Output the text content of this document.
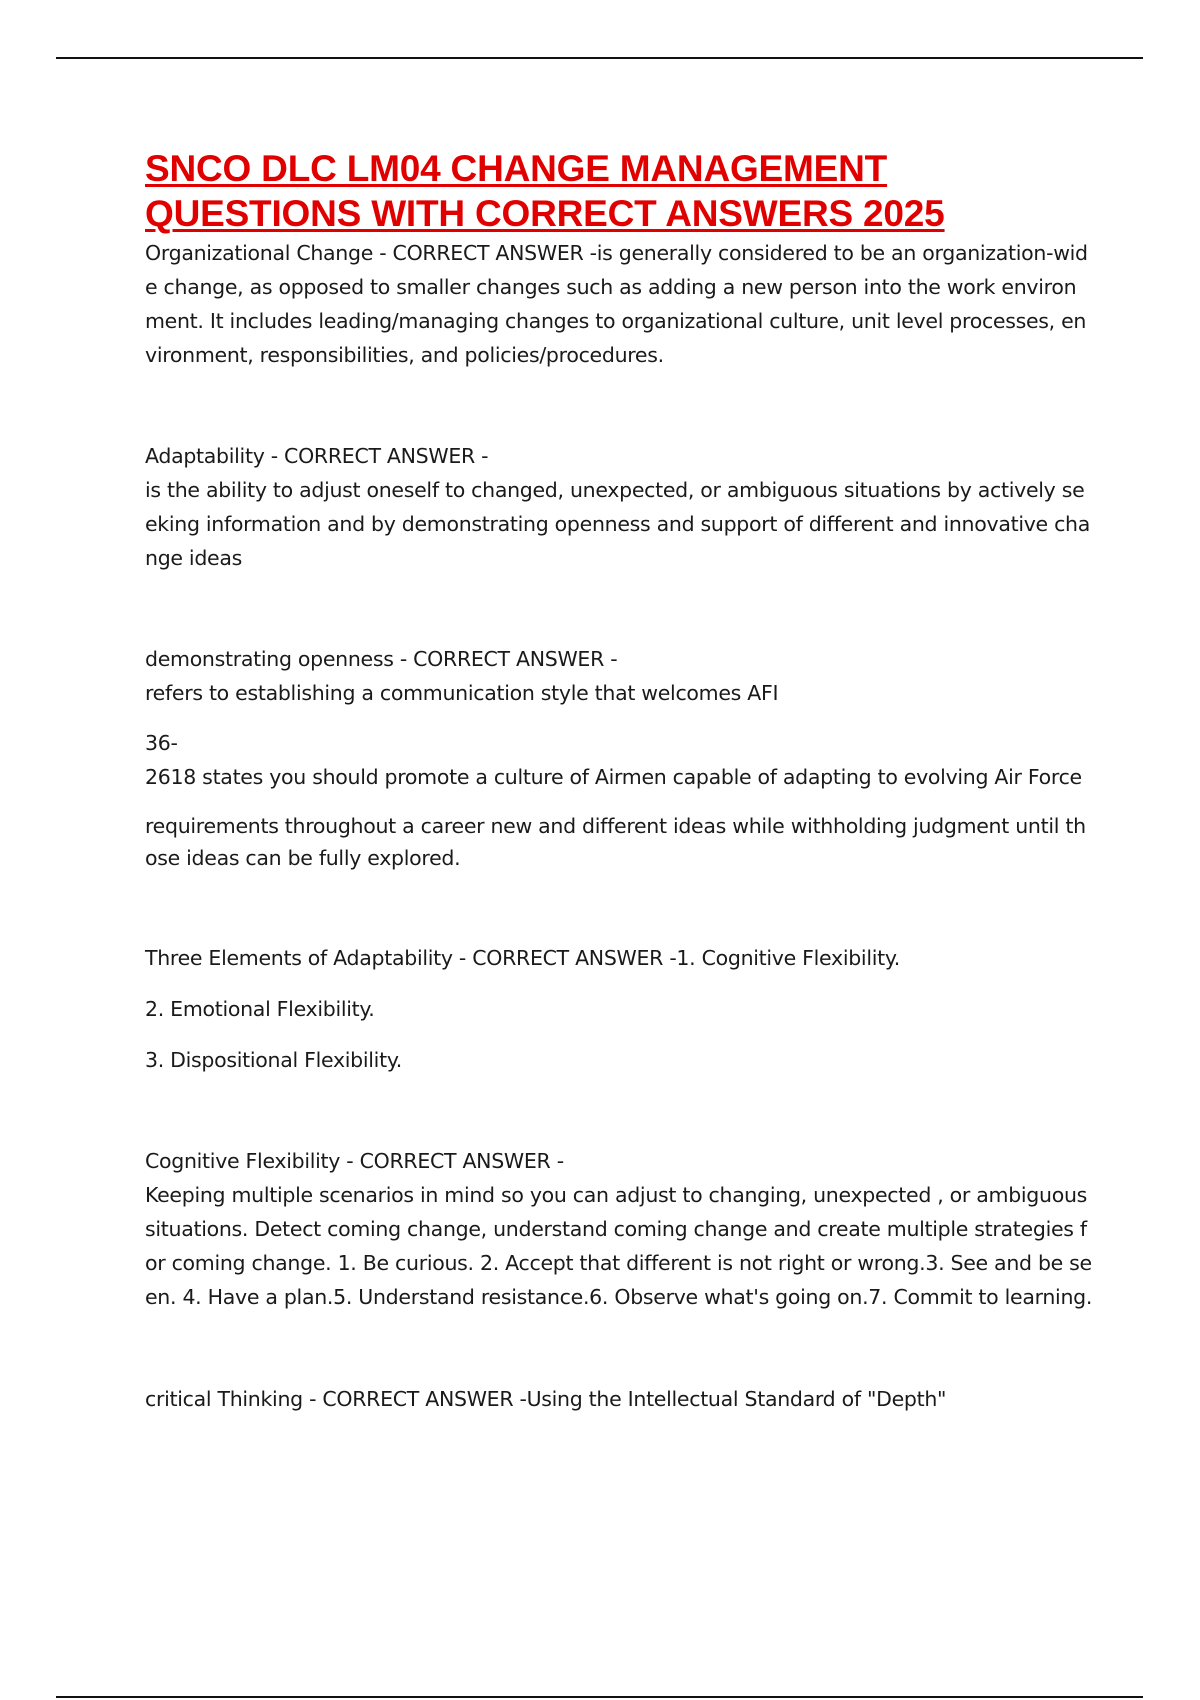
SNCO DLC LM04 CHANGE MANAGEMENT
QUESTIONS WITH CORRECT ANSWERS 2025

Organizational Change - CORRECT ANSWER -is generally considered to be an organization-wide change, as opposed to smaller changes such as adding a new person into the work environment. It includes leading/managing changes to organizational culture, unit level processes, environment, responsibilities, and policies/procedures.

Adaptability - CORRECT ANSWER -

is the ability to adjust oneself to changed, unexpected, or ambiguous situations by actively seeking information and by demonstrating openness and support of different and innovative change ideas

demonstrating openness - CORRECT ANSWER -

refers to establishing a communication style that welcomes AFI

36-

2618 states you should promote a culture of Airmen capable of adapting to evolving Air Force

requirements throughout a career new and different ideas while withholding judgment until those ideas can be fully explored.

Three Elements of Adaptability - CORRECT ANSWER -1. Cognitive Flexibility.

2. Emotional Flexibility.

3. Dispositional Flexibility.

Cognitive Flexibility - CORRECT ANSWER -

Keeping multiple scenarios in mind so you can adjust to changing, unexpected , or ambiguous situations. Detect coming change, understand coming change and create multiple strategies for coming change. 1. Be curious. 2. Accept that different is not right or wrong.3. See and be seen. 4. Have a plan.5. Understand resistance.6. Observe what's going on.7. Commit to learning.

critical Thinking - CORRECT ANSWER -Using the Intellectual Standard of "Depth"
